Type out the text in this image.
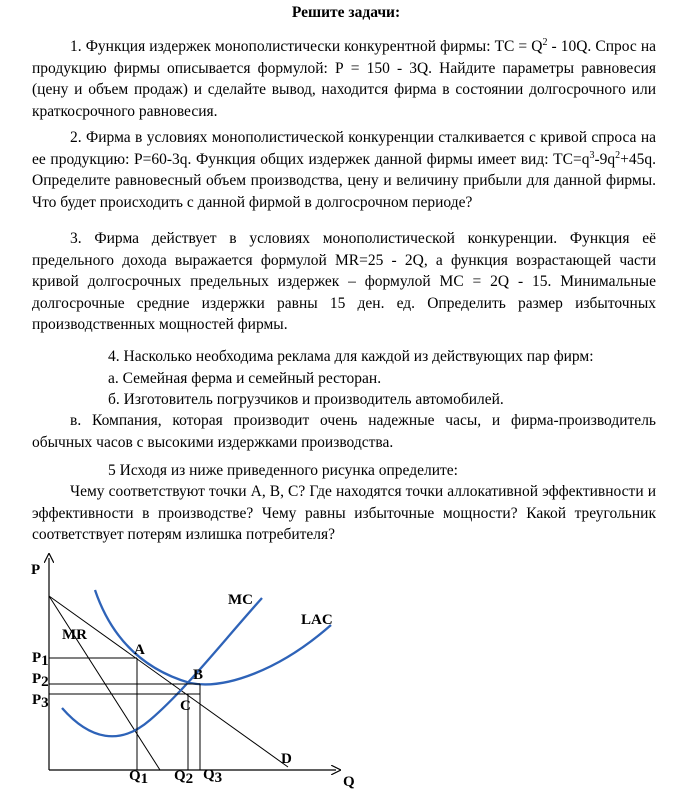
Решите задачи:
1. Функция издержек монополистически конкурентной фирмы: ТС = $Q^2 - 10Q$. Спрос на продукцию фирмы описывается формулой: Р = 150 - 3Q. Найдите параметры равновесия (цену и объем продаж) и сделайте вывод, находится фирма в состоянии долгосрочного или краткосрочного равновесия.
2. Фирма в условиях монополистической конкуренции сталкивается с кривой спроса на ее продукцию: Р=60-3q. Функция общих издержек данной фирмы имеет вид: $TC=q^3-9q^2+45q$. Определите равновесный объем производства, цену и величину прибыли для данной фирмы. Что будет происходить с данной фирмой в долгосрочном периоде?
3. Фирма действует в условиях монополистической конкуренции. Функция её предельного дохода выражается формулой MR=25 - 2Q, а функция возрастающей части кривой долгосрочных предельных издержек – формулой МС = 2Q - 15. Минимальные долгосрочные средние издержки равны 15 ден. ед. Определить размер избыточных производственных мощностей фирмы.
4. Насколько необходима реклама для каждой из действующих пар фирм:
а. Семейная ферма и семейный ресторан.
б. Изготовитель погрузчиков и производитель автомобилей.
в. Компания, которая производит очень надежные часы, и фирма-производитель обычных часов с высокими издержками производства.
5 Исходя из ниже приведенного рисунка определите:
Чему соответствуют точки А, В, С? Где находятся точки аллокативной эффективности и эффективности в производстве? Чему равны избыточные мощности? Какой треугольник соответствует потерям излишка потребителя?
P
Q
MC
LAC
MR
D
A
B
C
P1
P2
P3
Q1 Q2 Q3
